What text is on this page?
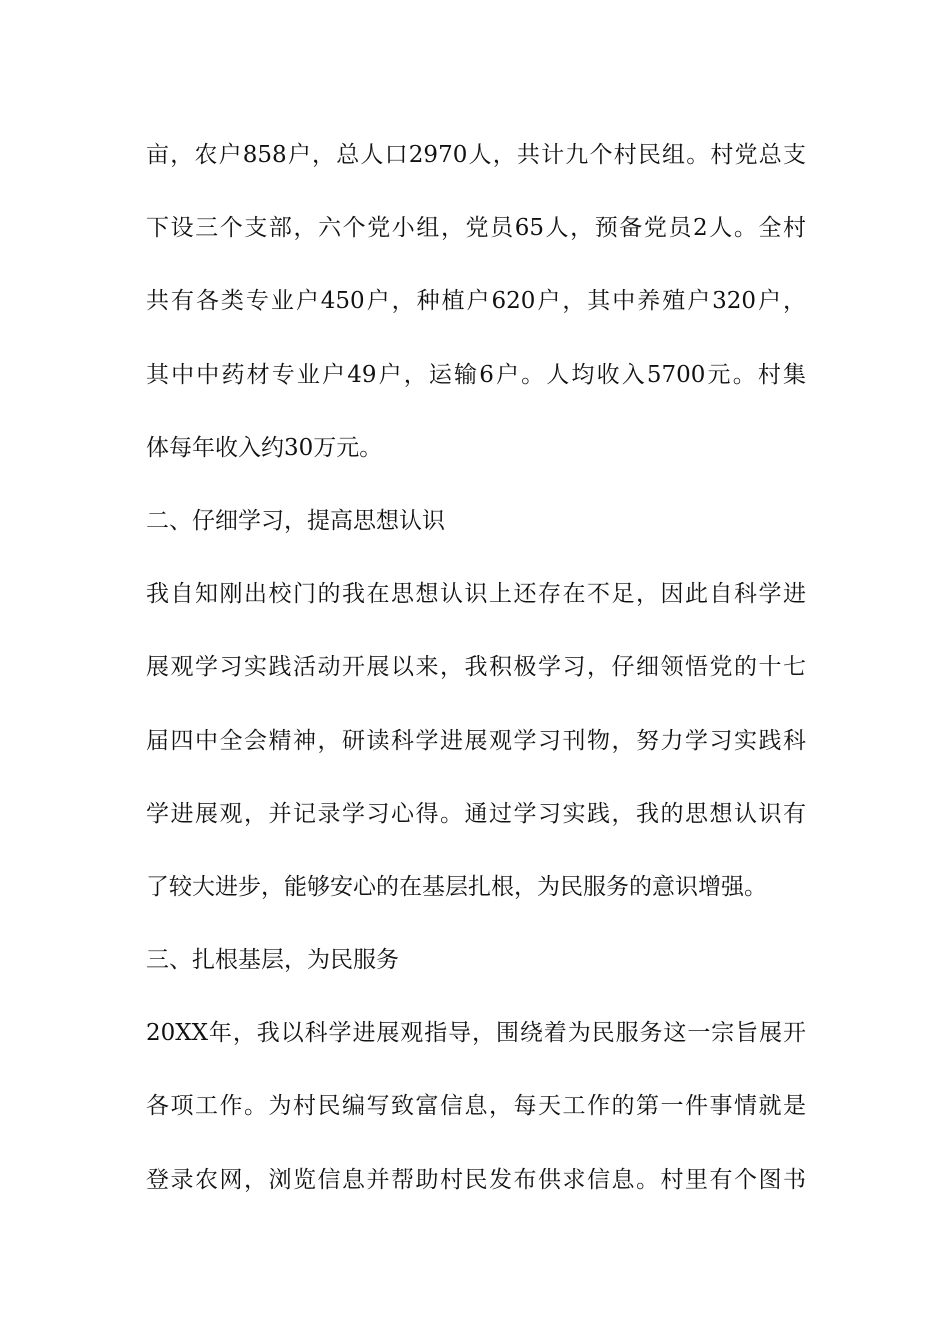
亩，农户858户，总人口2970人，共计九个村民组。村党总支
下设三个支部，六个党小组，党员65人，预备党员2人。全村
共有各类专业户450户，种植户620户，其中养殖户320户，
其中中药材专业户49户，运输6户。人均收入5700元。村集
体每年收入约30万元。
二、仔细学习，提高思想认识
我自知刚出校门的我在思想认识上还存在不足，因此自科学进
展观学习实践活动开展以来，我积极学习，仔细领悟党的十七
届四中全会精神，研读科学进展观学习刊物，努力学习实践科
学进展观，并记录学习心得。通过学习实践，我的思想认识有
了较大进步，能够安心的在基层扎根，为民服务的意识增强。
三、扎根基层，为民服务
20XX年，我以科学进展观指导，围绕着为民服务这一宗旨展开
各项工作。为村民编写致富信息，每天工作的第一件事情就是
登录农网，浏览信息并帮助村民发布供求信息。村里有个图书
